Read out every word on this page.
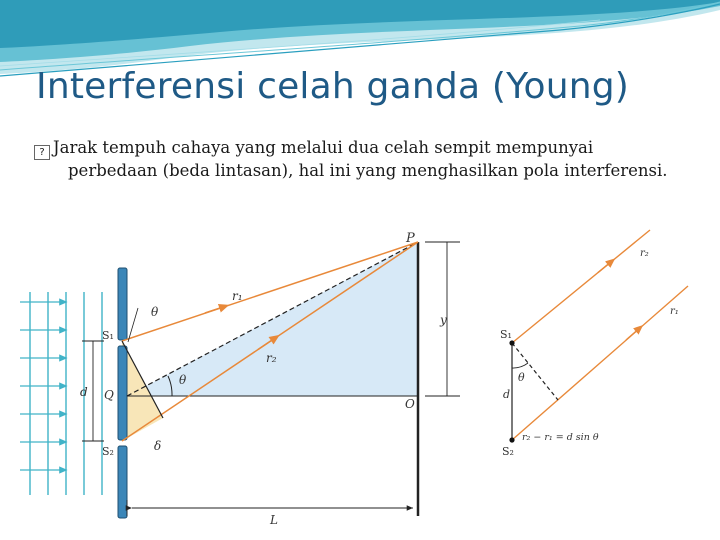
Interferensi celah ganda (Young)
? Jarak tempuh cahaya yang melalui dua celah sempit mempunyai
perbedaan (beda lintasan), hal ini yang menghasilkan pola interferensi.
P
r₁
r₂
S₁
S₂
Q
O
d
y
L
θ
θ
δ
S₁
S₂
d
θ
r₂
r₁
r₂ − r₁ = d sin θ
